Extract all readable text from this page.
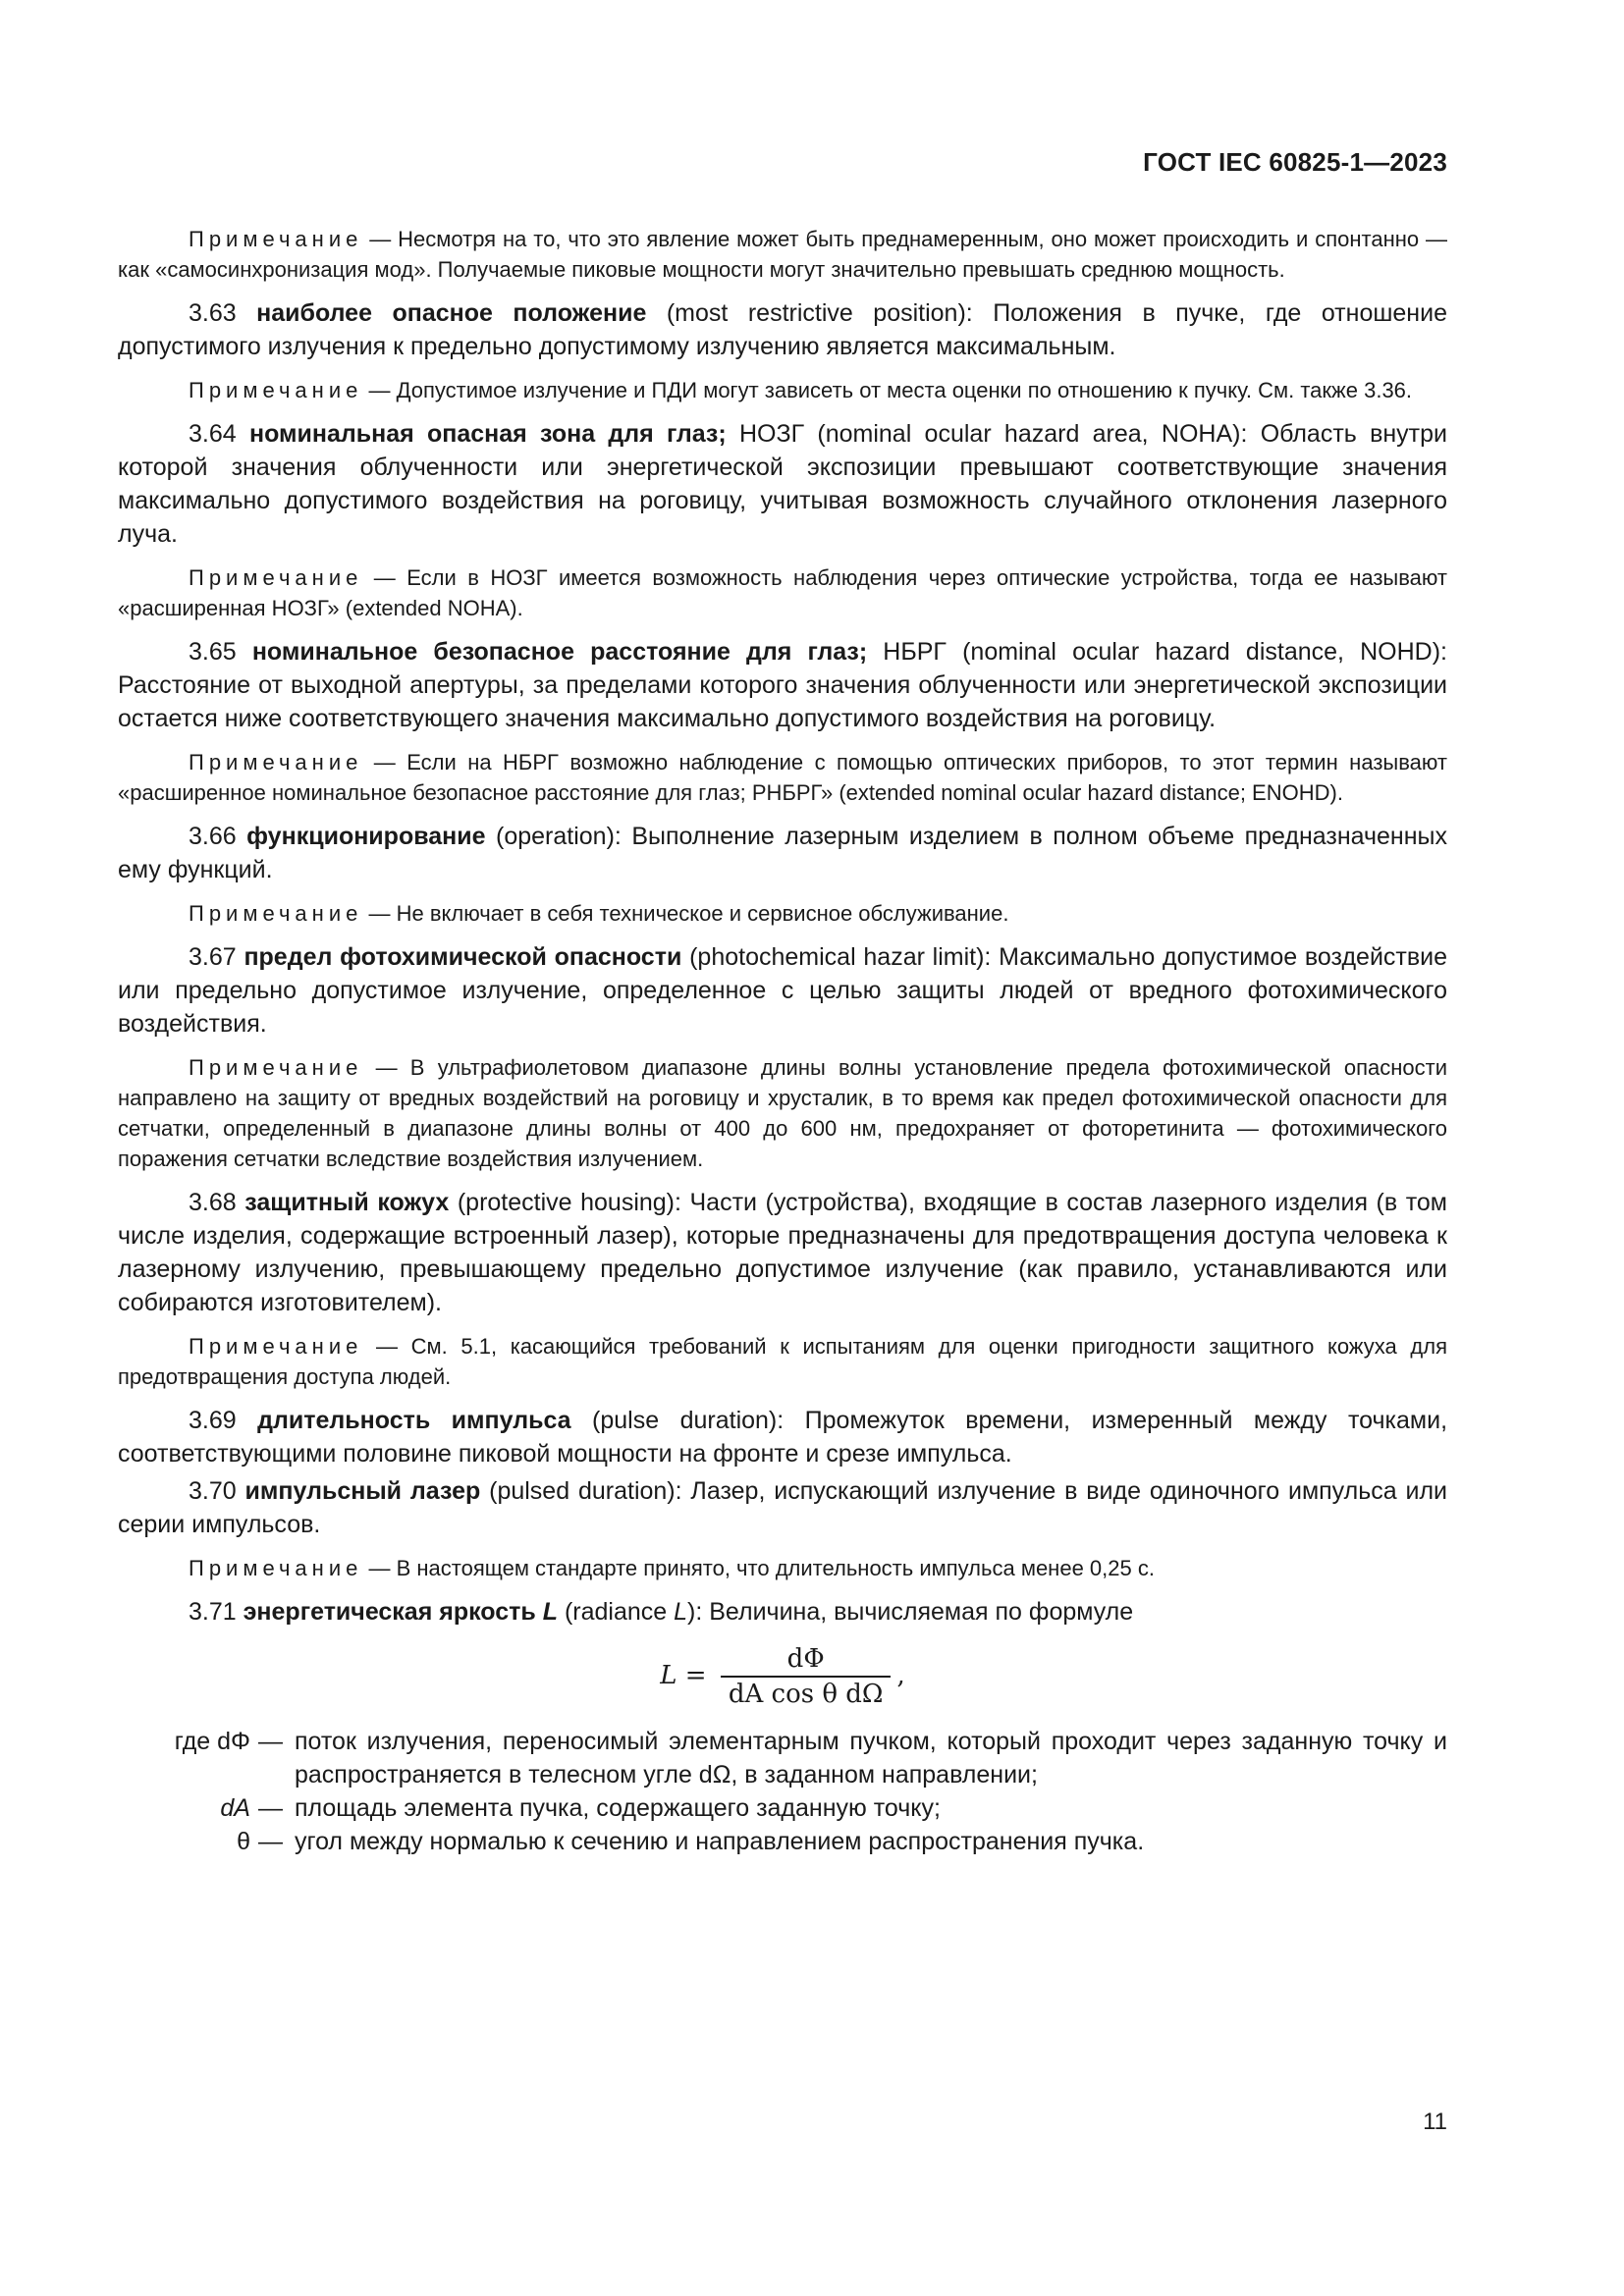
ГОСТ IEC 60825-1—2023

Примечание — Несмотря на то, что это явление может быть преднамеренным, оно может происходить и спонтанно — как «самосинхронизация мод». Получаемые пиковые мощности могут значительно превышать среднюю мощность.

3.63 наиболее опасное положение (most restrictive position): Положения в пучке, где отношение допустимого излучения к предельно допустимому излучению является максимальным.

Примечание — Допустимое излучение и ПДИ могут зависеть от места оценки по отношению к пучку. См. также 3.36.

3.64 номинальная опасная зона для глаз; НОЗГ (nominal ocular hazard area, NOHA): Область внутри которой значения облученности или энергетической экспозиции превышают соответствующие значения максимально допустимого воздействия на роговицу, учитывая возможность случайного отклонения лазерного луча.

Примечание — Если в НОЗГ имеется возможность наблюдения через оптические устройства, тогда ее называют «расширенная НОЗГ» (extended NOHA).

3.65 номинальное безопасное расстояние для глаз; НБРГ (nominal ocular hazard distance, NOHD): Расстояние от выходной апертуры, за пределами которого значения облученности или энергетической экспозиции остается ниже соответствующего значения максимально допустимого воздействия на роговицу.

Примечание — Если на НБРГ возможно наблюдение с помощью оптических приборов, то этот термин называют «расширенное номинальное безопасное расстояние для глаз; РНБРГ» (extended nominal ocular hazard distance; ENOHD).

3.66 функционирование (operation): Выполнение лазерным изделием в полном объеме предназначенных ему функций.

Примечание — Не включает в себя техническое и сервисное обслуживание.

3.67 предел фотохимической опасности (photochemical hazar limit): Максимально допустимое воздействие или предельно допустимое излучение, определенное с целью защиты людей от вредного фотохимического воздействия.

Примечание — В ультрафиолетовом диапазоне длины волны установление предела фотохимической опасности направлено на защиту от вредных воздействий на роговицу и хрусталик, в то время как предел фотохимической опасности для сетчатки, определенный в диапазоне длины волны от 400 до 600 нм, предохраняет от фоторетинита — фотохимического поражения сетчатки вследствие воздействия излучением.

3.68 защитный кожух (protective housing): Части (устройства), входящие в состав лазерного изделия (в том числе изделия, содержащие встроенный лазер), которые предназначены для предотвращения доступа человека к лазерному излучению, превышающему предельно допустимое излучение (как правило, устанавливаются или собираются изготовителем).

Примечание — См. 5.1, касающийся требований к испытаниям для оценки пригодности защитного кожуха для предотвращения доступа людей.

3.69 длительность импульса (pulse duration): Промежуток времени, измеренный между точками, соответствующими половине пиковой мощности на фронте и срезе импульса.

3.70 импульсный лазер (pulsed duration): Лазер, испускающий излучение в виде одиночного импульса или серии импульсов.

Примечание — В настоящем стандарте принято, что длительность импульса менее 0,25 с.

3.71 энергетическая яркость L (radiance L): Величина, вычисляемая по формуле

$L = \frac{d\Phi}{\text{dA cos θ dΩ}}$ ,
где dΦ — поток излучения, переносимый элементарным пучком, который проходит через заданную точку и распространяется в телесном угле dΩ, в заданном направлении;
dA — площадь элемента пучка, содержащего заданную точку;
θ — угол между нормалью к сечению и направлением распространения пучка.
11
